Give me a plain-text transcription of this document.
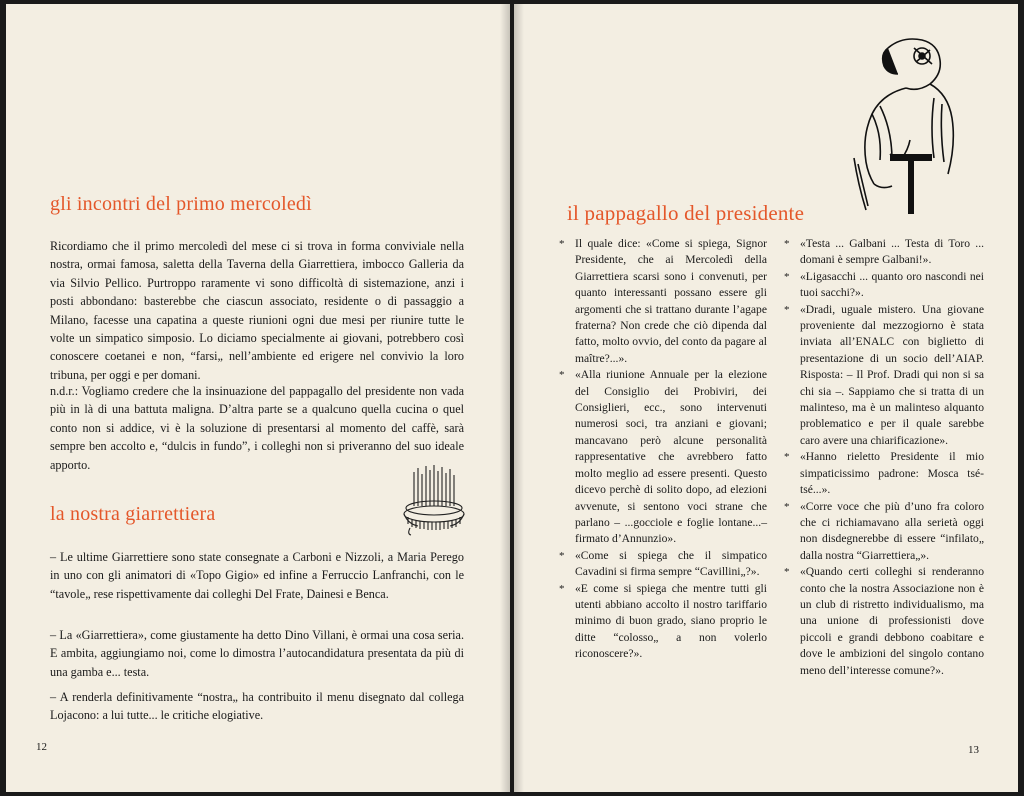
gli incontri del primo mercoledì

Ricordiamo che il primo mercoledì del mese ci si trova in forma conviviale nella nostra, ormai famosa, saletta della Taverna della Giarrettiera, imbocco Galleria da via Silvio Pellico. Purtroppo raramente vi sono difficoltà di sistemazione, anzi i posti abbondano: basterebbe che ciascun associato, residente o di passaggio a Milano, facesse una capatina a queste riunioni ogni due mesi per riunire tutte le volte un simpatico simposio. Lo diciamo specialmente ai giovani, potrebbero così conoscere coetanei e non, “farsi„ nell’ambiente ed erigere nel convivio la loro tribuna, per oggi e per domani.

n.d.r.: Vogliamo credere che la insinuazione del pappagallo del presidente non vada più in là di una battuta maligna. D’altra parte se a qualcuno quella cucina o quel conto non si addice, vi è la soluzione di presentarsi al momento del caffè, sarà sempre ben accolto e, “dulcis in fundo”, i colleghi non si priveranno del suo ideale apporto.

la nostra giarrettiera

– Le ultime Giarrettiere sono state consegnate a Carboni e Nizzoli, a Maria Perego in uno con gli animatori di «Topo Gigio» ed infine a Ferruccio Lanfranchi, con le “tavole„ rese rispettivamente dai colleghi Del Frate, Dainesi e Benca.

– La «Giarrettiera», come giustamente ha detto Dino Villani, è ormai una cosa seria. E ambita, aggiungiamo noi, come lo dimostra l’autocandidatura presentata da più di una gamba e... testa.

– A renderla definitivamente “nostra„ ha contribuito il menu disegnato dal collega Lojacono: a lui tutte... le critiche elogiative.

12
il pappagallo del presidente
* Il quale dice: «Come si spiega, Signor Presidente, che ai Mercoledì della Giarrettiera scarsi sono i convenuti, per quanto interessanti possano essere gli argomenti che si trattano durante l’agape fraterna? Non crede che ciò dipenda dal fatto, molto ovvio, del conto da pagare al maître?...».
* «Alla riunione Annuale per la elezione del Consiglio dei Probiviri, dei Consiglieri, ecc., sono intervenuti numerosi soci, tra anziani e giovani; mancavano però alcune personalità rappresentative che avrebbero fatto molto meglio ad essere presenti. Questo dicevo perchè di solito dopo, ad elezioni avvenute, si sentono voci strane che parlano – ...gocciole e foglie lontane...– firmato d’Annunzio».
* «Come si spiega che il simpatico Cavadini si firma sempre “Cavillini„?».
* «E come si spiega che mentre tutti gli utenti abbiano accolto il nostro tariffario minimo di buon grado, siano proprio le ditte “colosso„ a non volerlo riconoscere?».
* «Testa ... Galbani ... Testa di Toro ... domani è sempre Galbani!».
* «Ligasacchi ... quanto oro nascondi nei tuoi sacchi?».
* «Dradi, uguale mistero. Una giovane proveniente dal mezzogiorno è stata inviata all’ENALC con biglietto di presentazione di un socio dell’AIAP. Risposta: – Il Prof. Dradi qui non si sa chi sia –. Sappiamo che si tratta di un malinteso, ma è un malinteso alquanto problematico e per il quale sarebbe caro avere una chiarificazione».
* «Hanno rieletto Presidente il mio simpaticissimo padrone: Mosca tsé-tsé...».
* «Corre voce che più d’uno fra coloro che ci richiamavano alla serietà oggi non disdegnerebbe di essere “infilato„ dalla nostra “Giarrettiera„».
* «Quando certi colleghi si renderanno conto che la nostra Associazione non è un club di ristretto individualismo, ma una unione di professionisti dove piccoli e grandi debbono coabitare e dove le ambizioni del singolo contano meno dell’interesse comune?».
13
